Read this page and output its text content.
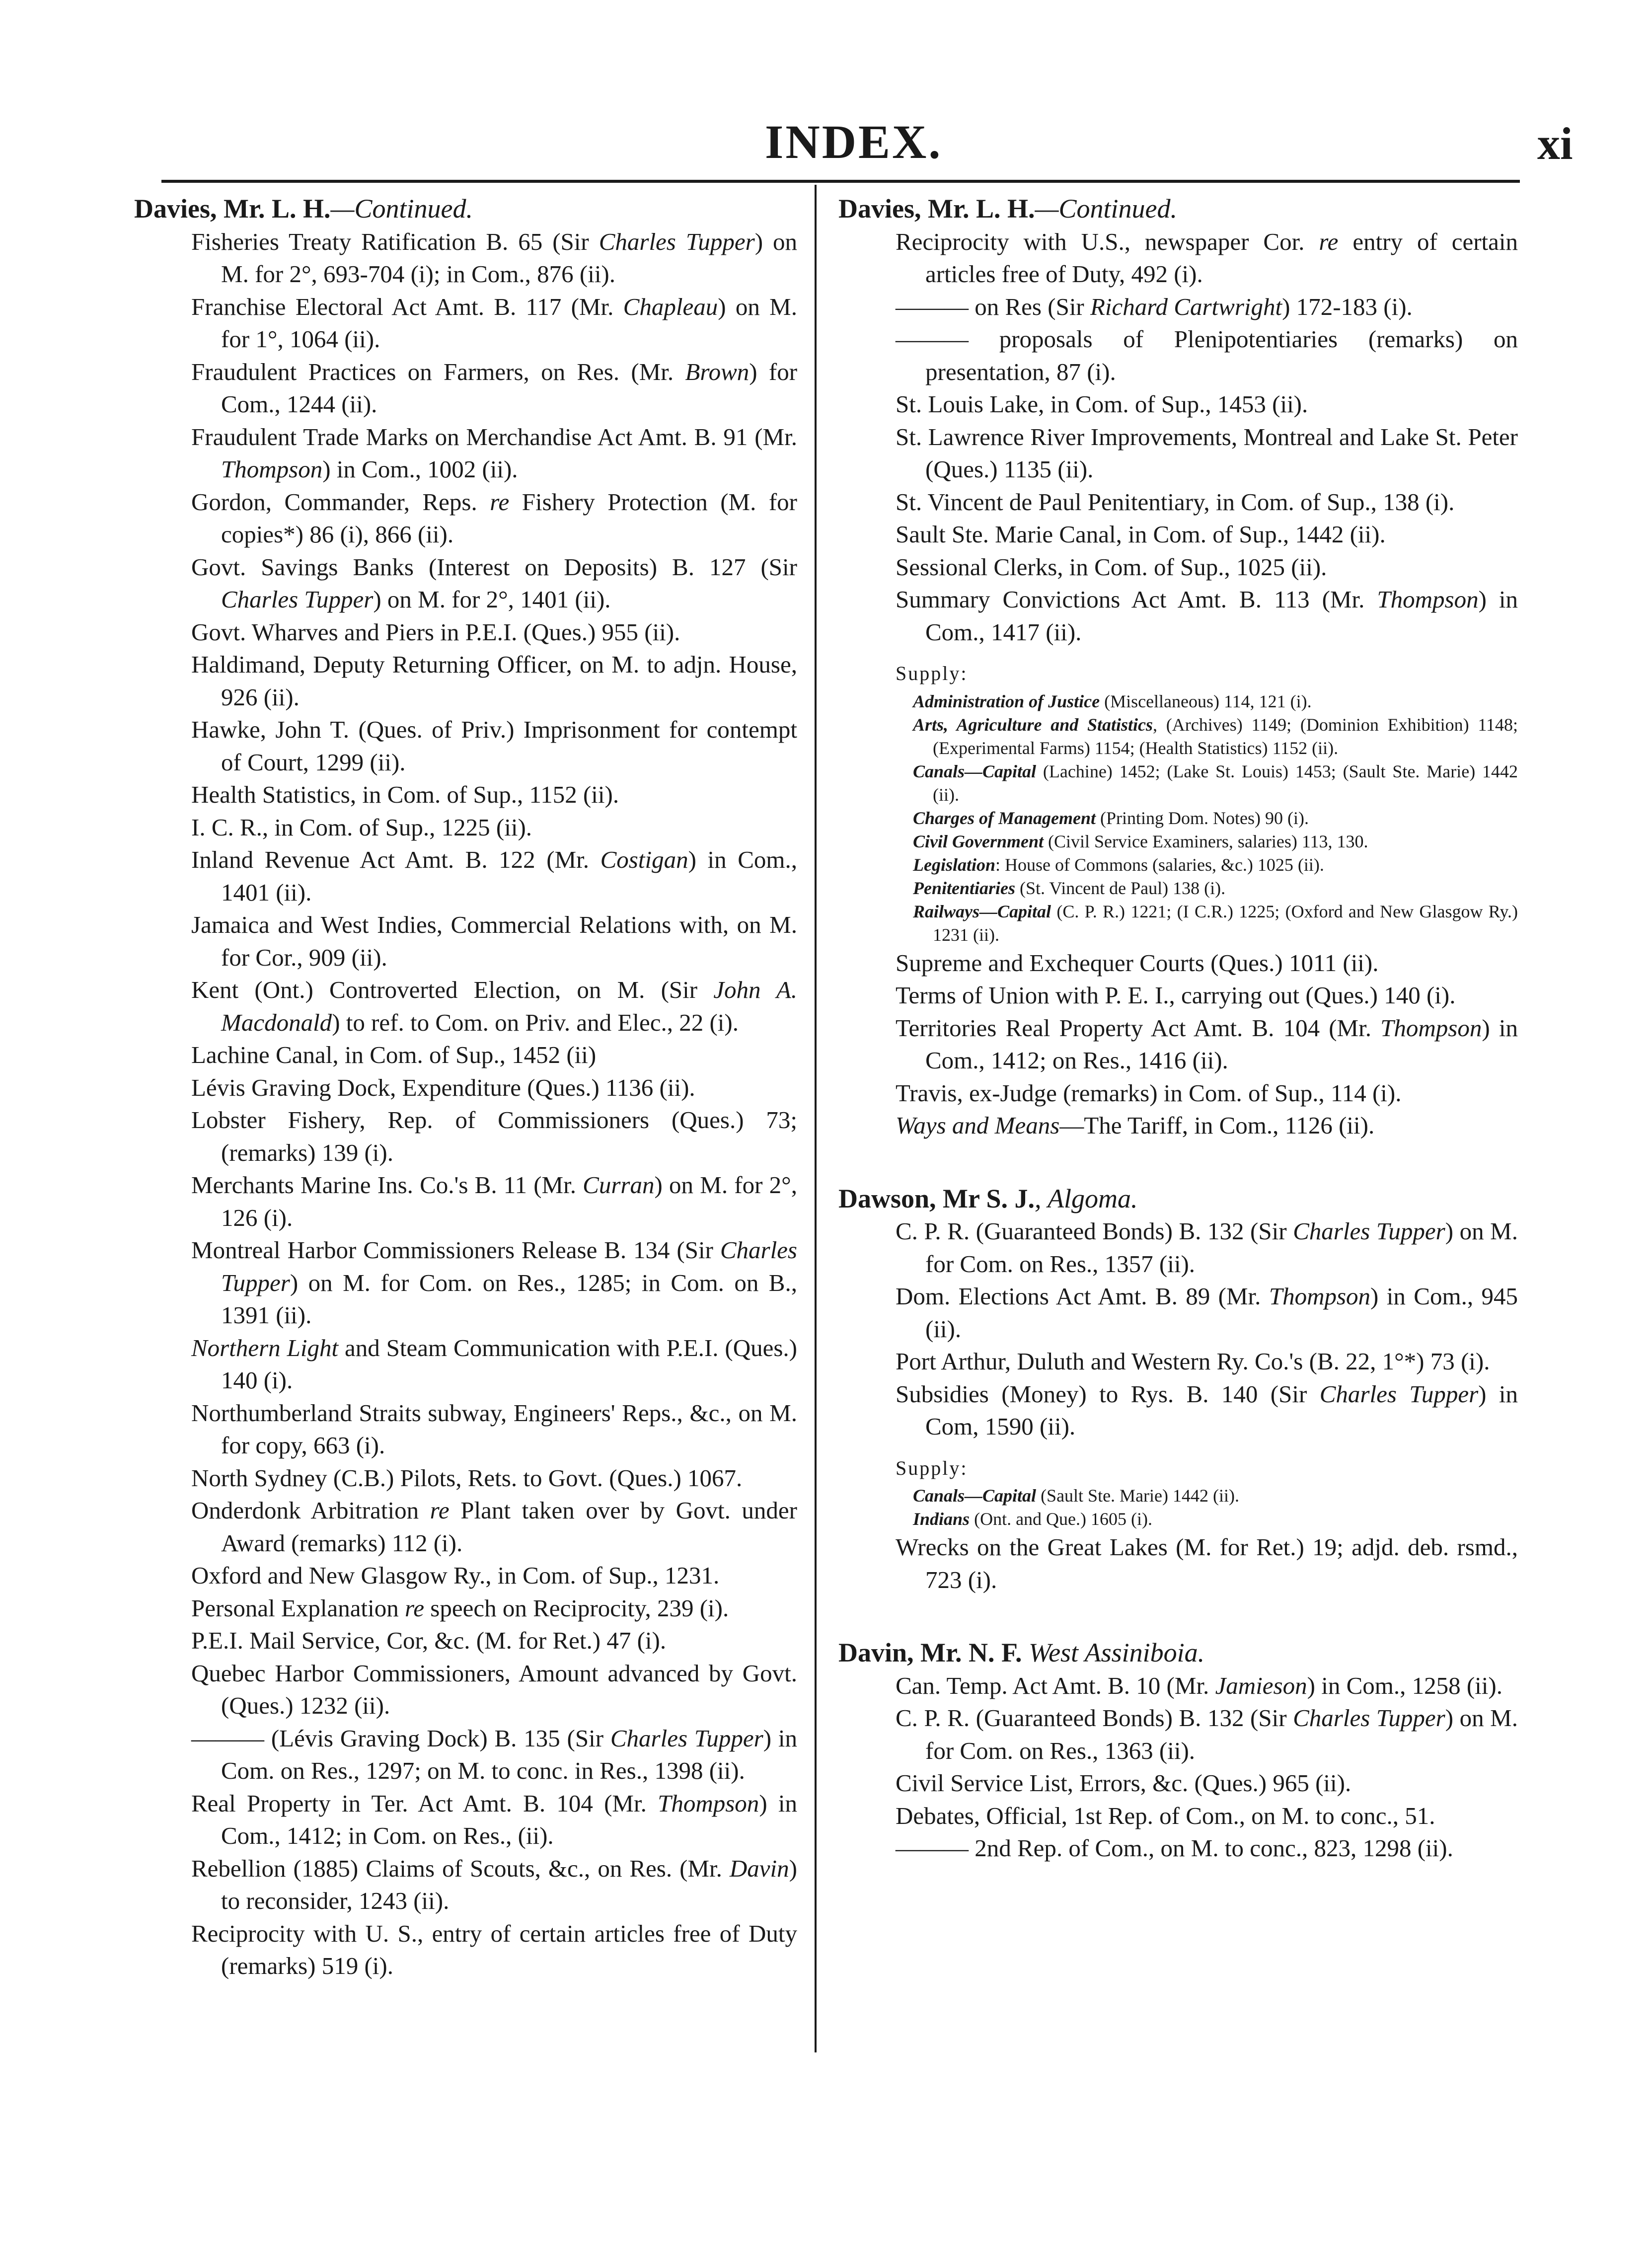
INDEX.	xi
Davies, Mr. L. H.—Continued.
Fisheries Treaty Ratification B. 65 (Sir Charles Tupper) on M. for 2°, 693-704 (i); in Com., 876 (ii).
Franchise Electoral Act Amt. B. 117 (Mr. Chapleau) on M. for 1°, 1064 (ii).
Fraudulent Practices on Farmers, on Res. (Mr. Brown) for Com., 1244 (ii).
Fraudulent Trade Marks on Merchandise Act Amt. B. 91 (Mr. Thompson) in Com., 1002 (ii).
Gordon, Commander, Reps. re Fishery Protection (M. for copies*) 86 (i), 866 (ii).
Govt. Savings Banks (Interest on Deposits) B. 127 (Sir Charles Tupper) on M. for 2°, 1401 (ii).
Govt. Wharves and Piers in P.E.I. (Ques.) 955 (ii).
Haldimand, Deputy Returning Officer, on M. to adjn. House, 926 (ii).
Hawke, John T. (Ques. of Priv.) Imprisonment for contempt of Court, 1299 (ii).
Health Statistics, in Com. of Sup., 1152 (ii).
I. C. R., in Com. of Sup., 1225 (ii).
Inland Revenue Act Amt. B. 122 (Mr. Costigan) in Com., 1401 (ii).
Jamaica and West Indies, Commercial Relations with, on M. for Cor., 909 (ii).
Kent (Ont.) Controverted Election, on M. (Sir John A. Macdonald) to ref. to Com. on Priv. and Elec., 22 (i).
Lachine Canal, in Com. of Sup., 1452 (ii)
Lévis Graving Dock, Expenditure (Ques.) 1136 (ii).
Lobster Fishery, Rep. of Commissioners (Ques.) 73; (remarks) 139 (i).
Merchants Marine Ins. Co.'s B. 11 (Mr. Curran) on M. for 2°, 126 (i).
Montreal Harbor Commissioners Release B. 134 (Sir Charles Tupper) on M. for Com. on Res., 1285; in Com. on B., 1391 (ii).
Northern Light and Steam Communication with P.E.I. (Ques.) 140 (i).
Northumberland Straits subway, Engineers' Reps., &c., on M. for copy, 663 (i).
North Sydney (C.B.) Pilots, Rets. to Govt. (Ques.) 1067.
Onderdonk Arbitration re Plant taken over by Govt. under Award (remarks) 112 (i).
Oxford and New Glasgow Ry., in Com. of Sup., 1231.
Personal Explanation re speech on Reciprocity, 239 (i).
P.E.I. Mail Service, Cor, &c. (M. for Ret.) 47 (i).
Quebec Harbor Commissioners, Amount advanced by Govt. (Ques.) 1232 (ii).
——— (Lévis Graving Dock) B. 135 (Sir Charles Tupper) in Com. on Res., 1297; on M. to conc. in Res., 1398 (ii).
Real Property in Ter. Act Amt. B. 104 (Mr. Thompson) in Com., 1412; in Com. on Res., (ii).
Rebellion (1885) Claims of Scouts, &c., on Res. (Mr. Davin) to reconsider, 1243 (ii).
Reciprocity with U. S., entry of certain articles free of Duty (remarks) 519 (i).
Davies, Mr. L. H.—Continued.
Reciprocity with U.S., newspaper Cor. re entry of certain articles free of Duty, 492 (i).
——— on Res (Sir Richard Cartwright) 172-183 (i).
——— proposals of Plenipotentiaries (remarks) on presentation, 87 (i).
St. Louis Lake, in Com. of Sup., 1453 (ii).
St. Lawrence River Improvements, Montreal and Lake St. Peter (Ques.) 1135 (ii).
St. Vincent de Paul Penitentiary, in Com. of Sup., 138 (i).
Sault Ste. Marie Canal, in Com. of Sup., 1442 (ii).
Sessional Clerks, in Com. of Sup., 1025 (ii).
Summary Convictions Act Amt. B. 113 (Mr. Thompson) in Com., 1417 (ii).
Supply:
Administration of Justice (Miscellaneous) 114, 121 (i).
Arts, Agriculture and Statistics, (Archives) 1149; (Dominion Exhibition) 1148; (Experimental Farms) 1154; (Health Statistics) 1152 (ii).
Canals—Capital (Lachine) 1452; (Lake St. Louis) 1453; (Sault Ste. Marie) 1442 (ii).
Charges of Management (Printing Dom. Notes) 90 (i).
Civil Government (Civil Service Examiners, salaries) 113, 130.
Legislation: House of Commons (salaries, &c.) 1025 (ii).
Penitentiaries (St. Vincent de Paul) 138 (i).
Railways—Capital (C. P. R.) 1221; (I C.R.) 1225; (Oxford and New Glasgow Ry.) 1231 (ii).
Supreme and Exchequer Courts (Ques.) 1011 (ii).
Terms of Union with P. E. I., carrying out (Ques.) 140 (i).
Territories Real Property Act Amt. B. 104 (Mr. Thompson) in Com., 1412; on Res., 1416 (ii).
Travis, ex-Judge (remarks) in Com. of Sup., 114 (i).
Ways and Means—The Tariff, in Com., 1126 (ii).
Dawson, Mr S. J., Algoma.
C. P. R. (Guaranteed Bonds) B. 132 (Sir Charles Tupper) on M. for Com. on Res., 1357 (ii).
Dom. Elections Act Amt. B. 89 (Mr. Thompson) in Com., 945 (ii).
Port Arthur, Duluth and Western Ry. Co.'s (B. 22, 1°*) 73 (i).
Subsidies (Money) to Rys. B. 140 (Sir Charles Tupper) in Com, 1590 (ii).
Supply:
Canals—Capital (Sault Ste. Marie) 1442 (ii).
Indians (Ont. and Que.) 1605 (i).
Wrecks on the Great Lakes (M. for Ret.) 19; adjd. deb. rsmd., 723 (i).
Davin, Mr. N. F. West Assiniboia.
Can. Temp. Act Amt. B. 10 (Mr. Jamieson) in Com., 1258 (ii).
C. P. R. (Guaranteed Bonds) B. 132 (Sir Charles Tupper) on M. for Com. on Res., 1363 (ii).
Civil Service List, Errors, &c. (Ques.) 965 (ii).
Debates, Official, 1st Rep. of Com., on M. to conc., 51.
——— 2nd Rep. of Com., on M. to conc., 823, 1298 (ii).
